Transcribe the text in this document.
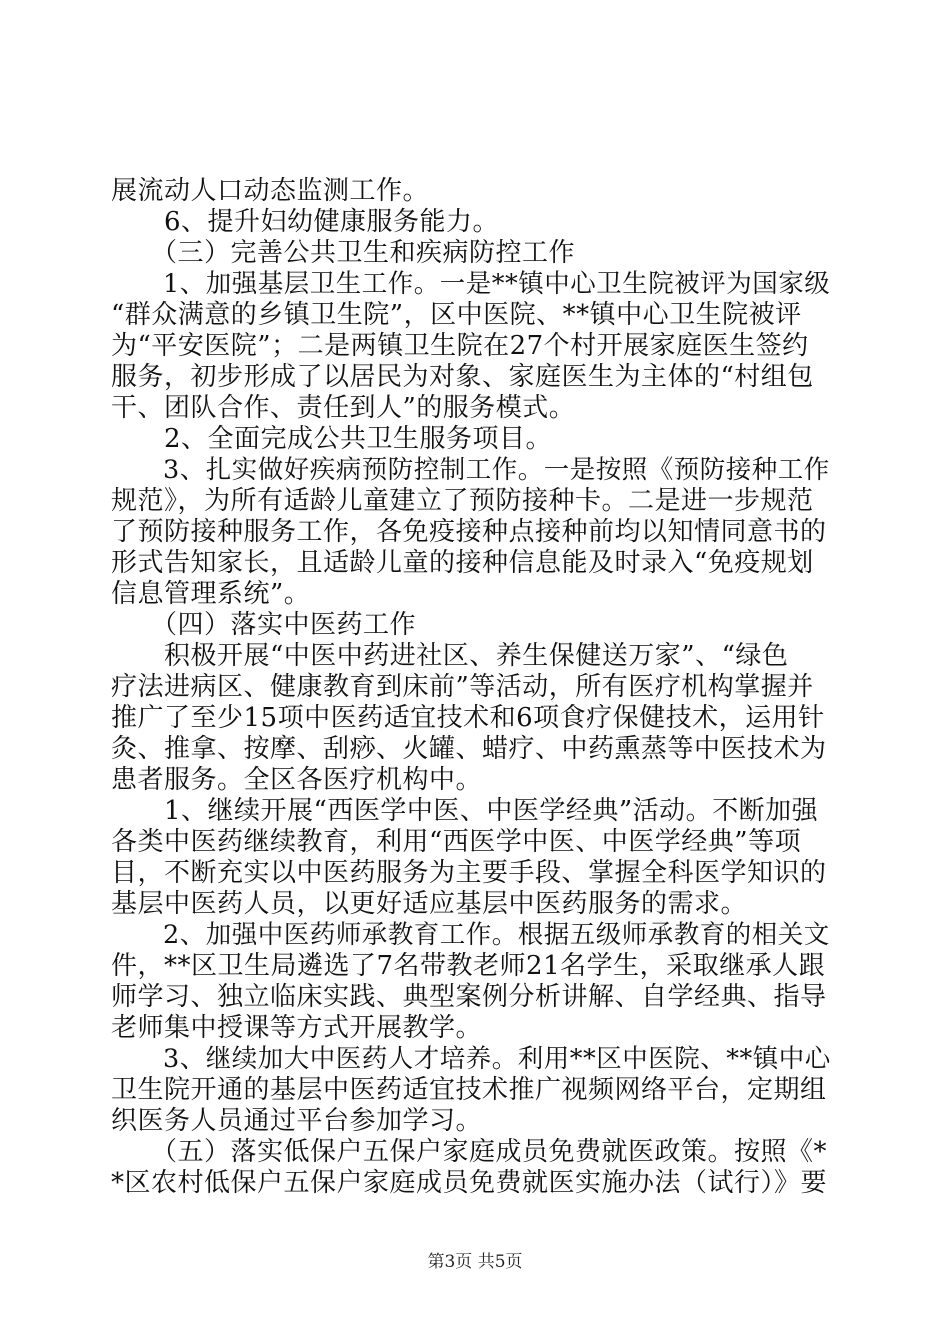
展流动人口动态监测工作。
　　6、提升妇幼健康服务能力。
　　（三）完善公共卫生和疾病防控工作
　　1、加强基层卫生工作。一是**镇中心卫生院被评为国家级
“群众满意的乡镇卫生院”，区中医院、**镇中心卫生院被评
为“平安医院”；二是两镇卫生院在27个村开展家庭医生签约
服务，初步形成了以居民为对象、家庭医生为主体的“村组包
干、团队合作、责任到人”的服务模式。
　　2、全面完成公共卫生服务项目。
　　3、扎实做好疾病预防控制工作。一是按照《预防接种工作
规范》，为所有适龄儿童建立了预防接种卡。二是进一步规范
了预防接种服务工作，各免疫接种点接种前均以知情同意书的
形式告知家长，且适龄儿童的接种信息能及时录入“免疫规划
信息管理系统”。
　　（四）落实中医药工作
　　积极开展“中医中药进社区、养生保健送万家”、“绿色
疗法进病区、健康教育到床前”等活动，所有医疗机构掌握并
推广了至少15项中医药适宜技术和6项食疗保健技术，运用针
灸、推拿、按摩、刮痧、火罐、蜡疗、中药熏蒸等中医技术为
患者服务。全区各医疗机构中。
　　1、继续开展“西医学中医、中医学经典”活动。不断加强
各类中医药继续教育，利用“西医学中医、中医学经典”等项
目，不断充实以中医药服务为主要手段、掌握全科医学知识的
基层中医药人员，以更好适应基层中医药服务的需求。
　　2、加强中医药师承教育工作。根据五级师承教育的相关文
件，**区卫生局遴选了7名带教老师21名学生，采取继承人跟
师学习、独立临床实践、典型案例分析讲解、自学经典、指导
老师集中授课等方式开展教学。
　　3、继续加大中医药人才培养。利用**区中医院、**镇中心
卫生院开通的基层中医药适宜技术推广视频网络平台，定期组
织医务人员通过平台参加学习。
　　（五）落实低保户五保户家庭成员免费就医政策。按照《*
*区农村低保户五保户家庭成员免费就医实施办法（试行）》要
第3页 共5页
